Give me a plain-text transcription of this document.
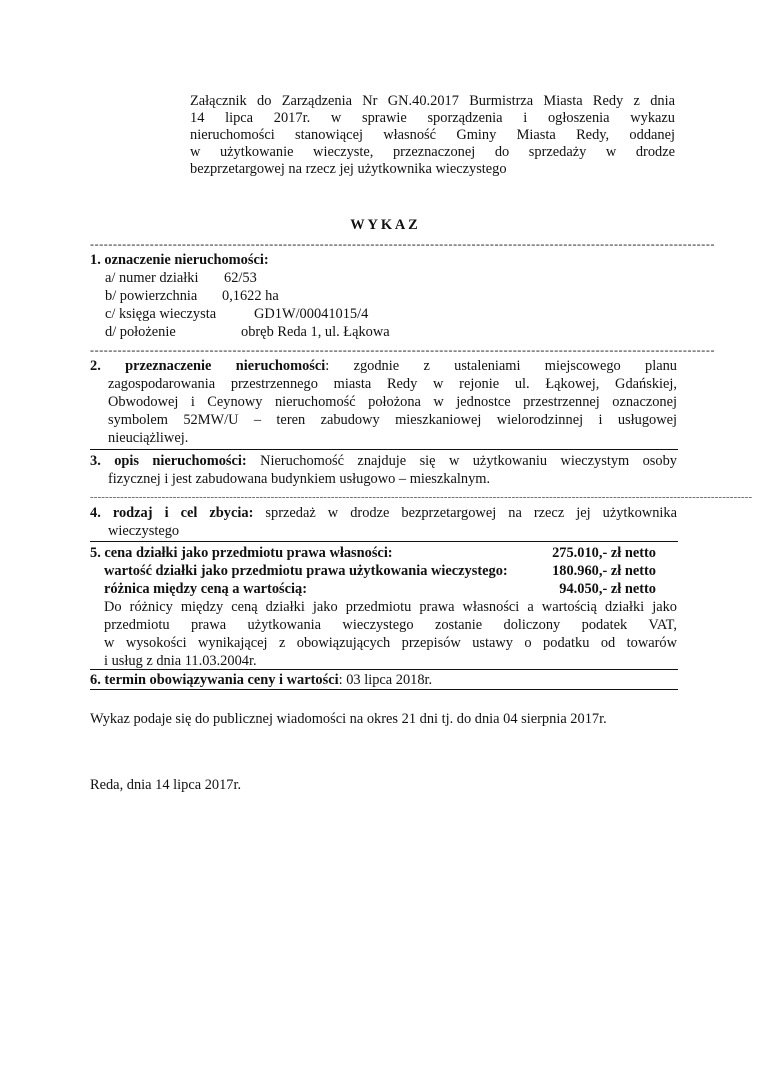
Załącznik do Zarządzenia Nr GN.40.2017 Burmistrza Miasta Redy z dnia
14 lipca 2017r. w sprawie sporządzenia i ogłoszenia wykazu
nieruchomości stanowiącej własność Gminy Miasta Redy, oddanej
w użytkowanie wieczyste, przeznaczonej do sprzedaży w drodze
bezprzetargowej na rzecz jej użytkownika wieczystego
W Y K A Z
----------------------------------------------------------------------------------------------------------------------------------------
1. oznaczenie nieruchomości:
a/ numer działki 62/53
b/ powierzchnia 0,1622 ha
c/ księga wieczysta	GD1W/00041015/4
d/ położenie	obręb Reda 1, ul. Łąkowa
----------------------------------------------------------------------------------------------------------------------------------------
2. przeznaczenie nieruchomości: zgodnie z ustaleniami miejscowego planu
zagospodarowania przestrzennego miasta Redy w rejonie ul. Łąkowej, Gdańskiej,
Obwodowej i Ceynowy nieruchomość położona w jednostce przestrzennej oznaczonej
symbolem 52MW/U – teren zabudowy mieszkaniowej wielorodzinnej i usługowej
nieuciążliwej.
3. opis nieruchomości: Nieruchomość znajduje się w użytkowaniu wieczystym osoby
fizycznej i jest zabudowana budynkiem usługowo – mieszkalnym.
--------------------------------------------------------------------------------------------------------------------------------------------------------------------------------
4. rodzaj i cel zbycia: sprzedaż w drodze bezprzetargowej na rzecz jej użytkownika
wieczystego
5. cena działki jako przedmiotu prawa własności:	275.010,- zł netto
wartość działki jako przedmiotu prawa użytkowania wieczystego:	180.960,- zł netto
różnica między ceną a wartością:	94.050,- zł netto
Do różnicy między ceną działki jako przedmiotu prawa własności a wartością działki jako
przedmiotu prawa użytkowania wieczystego zostanie doliczony podatek VAT,
w wysokości wynikającej z obowiązujących przepisów ustawy o podatku od towarów
i usług z dnia 11.03.2004r.
6. termin obowiązywania ceny i wartości: 03 lipca 2018r.
Wykaz podaje się do publicznej wiadomości na okres 21 dni tj. do dnia 04 sierpnia 2017r.
Reda, dnia 14 lipca 2017r.
